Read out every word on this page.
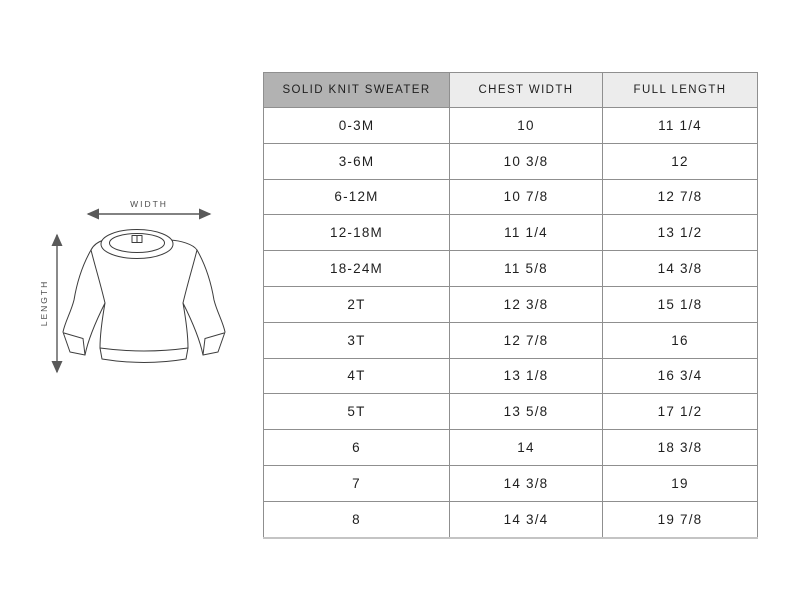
WIDTH
LENGTH
SOLID KNIT SWEATER	CHEST WIDTH	FULL LENGTH
0-3M	10	11 1/4
3-6M	10 3/8	12
6-12M	10 7/8	12 7/8
12-18M	11 1/4	13 1/2
18-24M	11 5/8	14 3/8
2T	12 3/8	15 1/8
3T	12 7/8	16
4T	13 1/8	16 3/4
5T	13 5/8	17 1/2
6	14	18 3/8
7	14 3/8	19
8	14 3/4	19 7/8
